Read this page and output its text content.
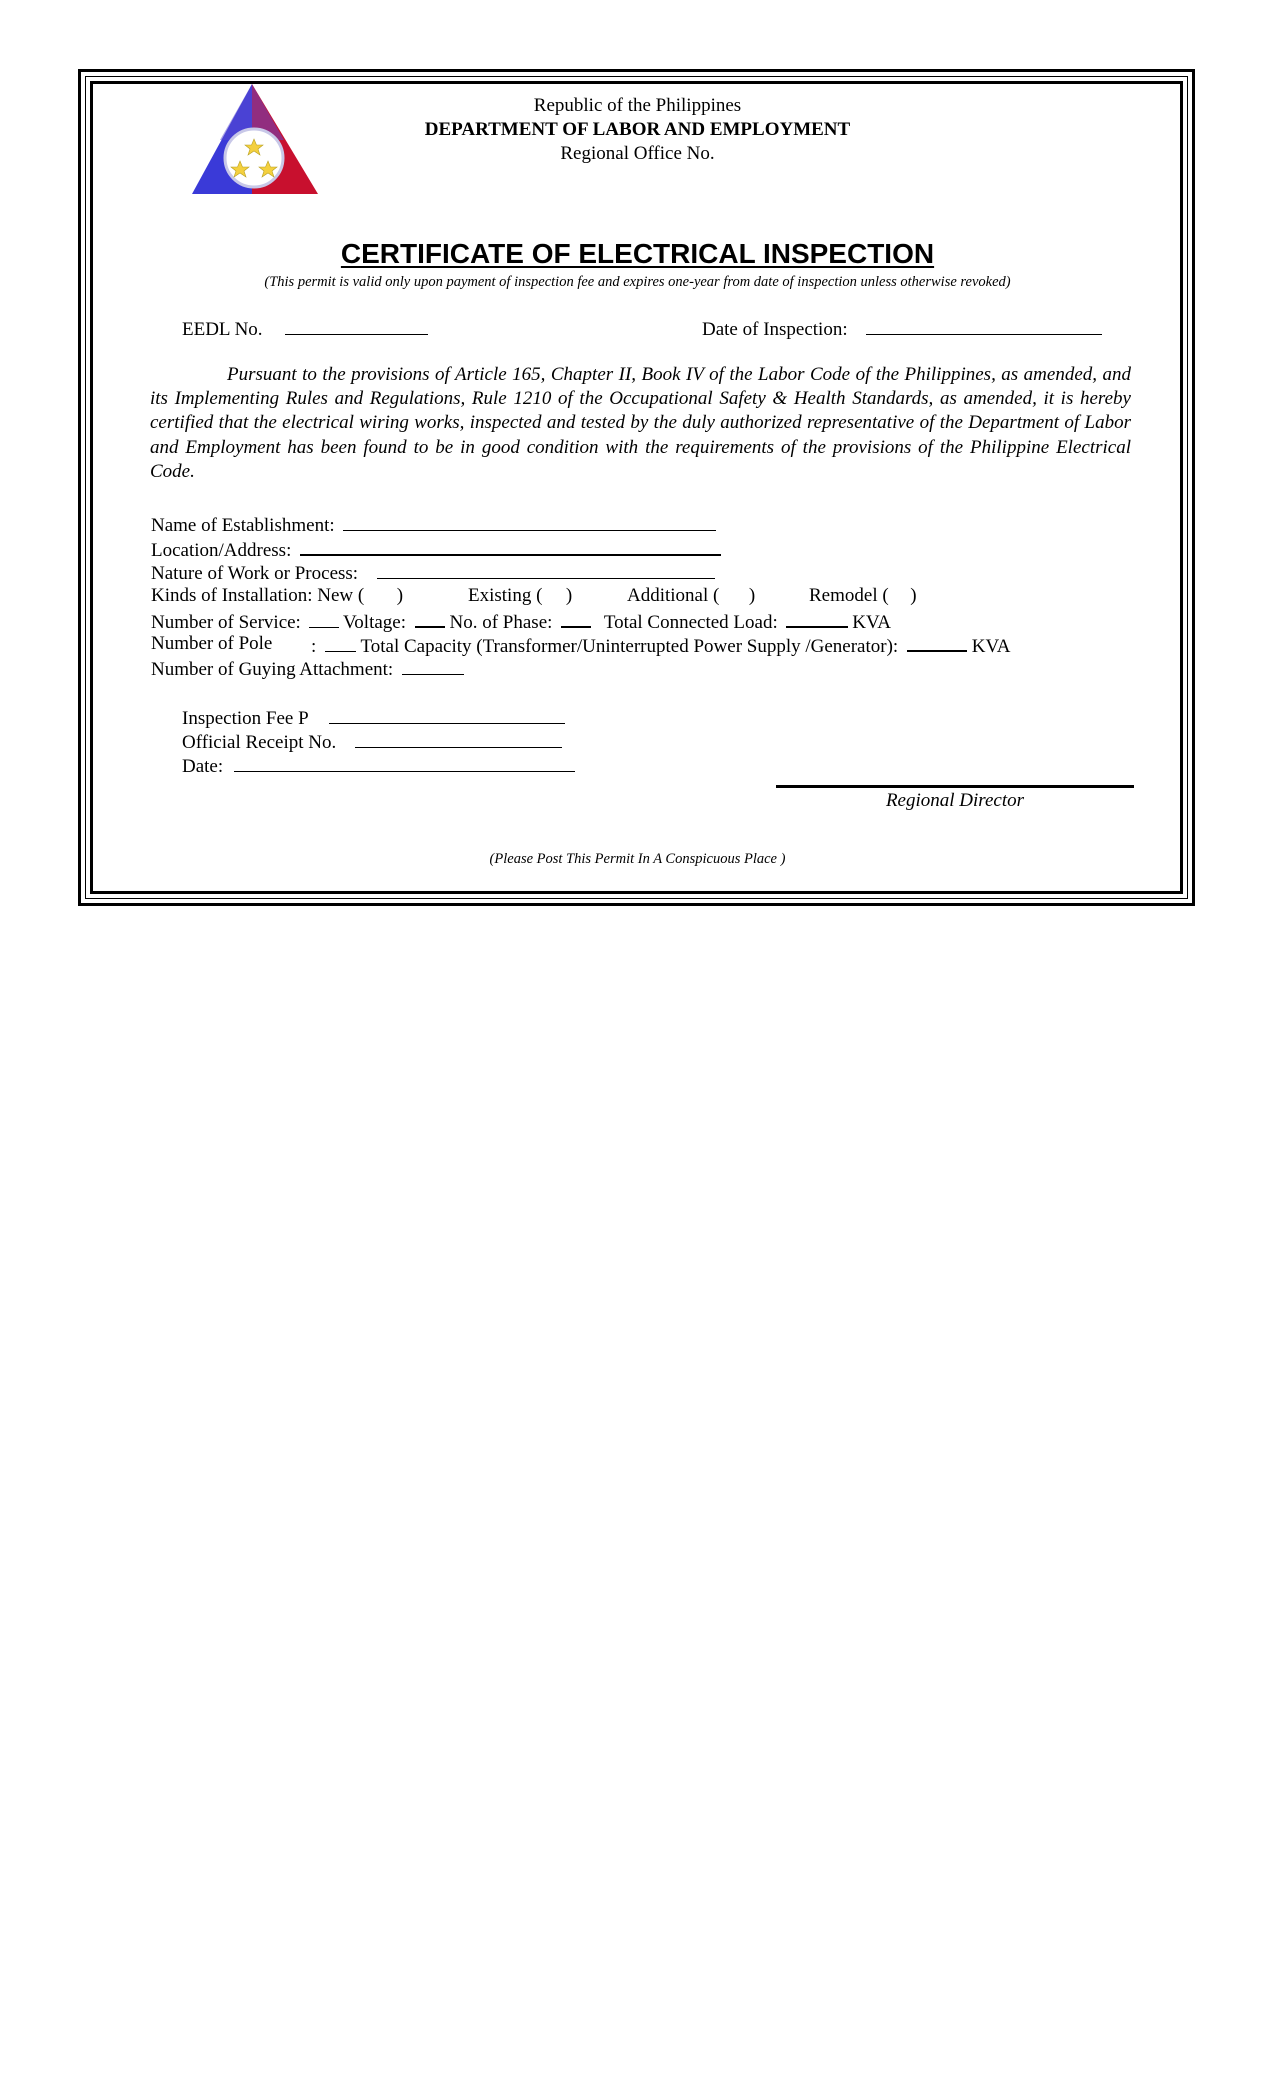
Republic of the Philippines
DEPARTMENT OF LABOR AND EMPLOYMENT
Regional Office No.
CERTIFICATE OF ELECTRICAL INSPECTION
(This permit is valid only upon payment of inspection fee and expires one-year from date of inspection unless otherwise revoked)
EEDL No.	Date of Inspection:
Pursuant to the provisions of Article 165, Chapter II, Book IV of the Labor Code of the Philippines, as amended, and its Implementing Rules and Regulations, Rule 1210 of the Occupational Safety & Health Standards, as amended, it is hereby certified that the electrical wiring works, inspected and tested by the duly authorized representative of the Department of Labor and Employment has been found to be in good condition with the requirements of the provisions of the Philippine Electrical Code.
Name of Establishment:
Location/Address:
Nature of Work or Process:
Kinds of Installation: New ( )	Existing ( )	Additional ( )	Remodel ( )
Number of Service: Voltage: No. of Phase:	Total Connected Load:	KVA
Number of Pole : Total Capacity (Transformer/Uninterrupted Power Supply /Generator):	KVA
Number of Guying Attachment:
Inspection Fee P
Official Receipt No.
Date:
Regional Director
(Please Post This Permit In A Conspicuous Place )
